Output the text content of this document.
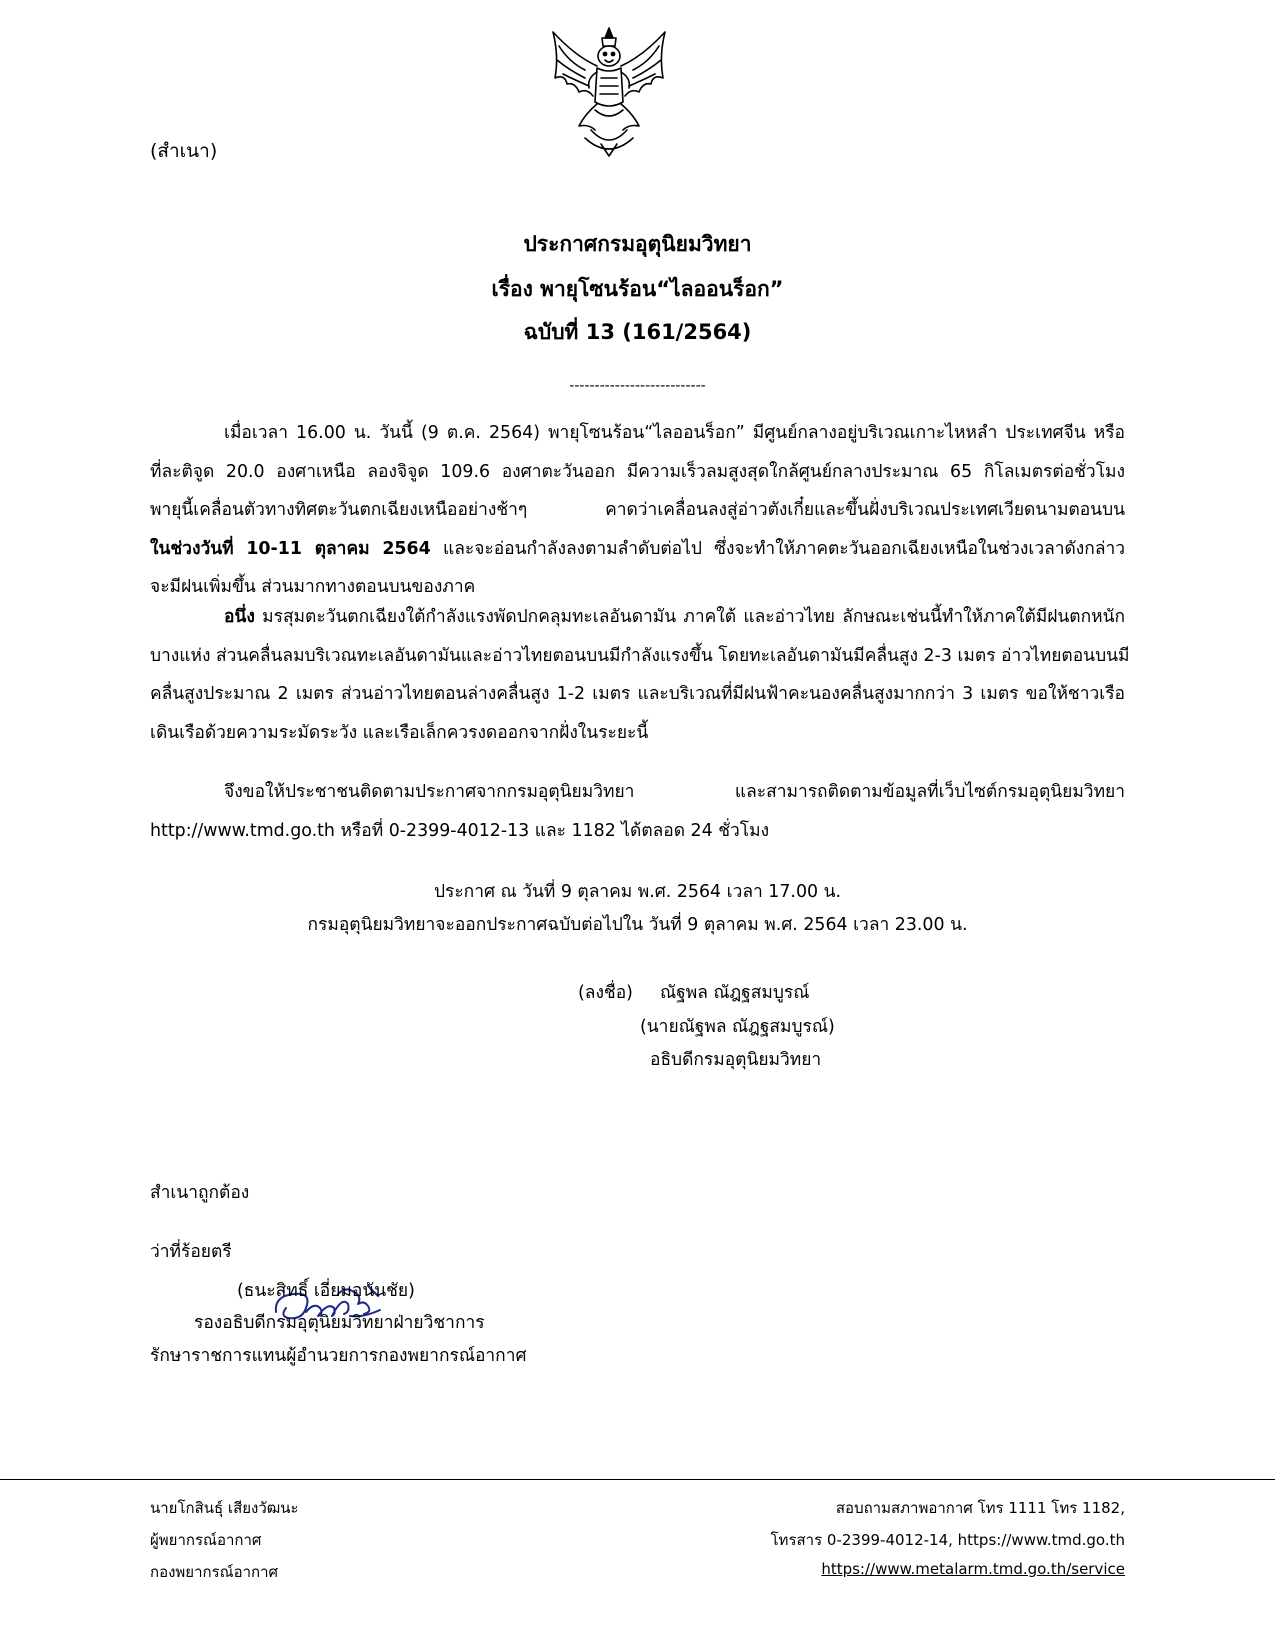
(สำเนา)
ประกาศกรมอุตุนิยมวิทยา
เรื่อง พายุโซนร้อน“ไลออนร็อก”
ฉบับที่ 13 (161/2564)
---------------------------
เมื่อเวลา 16.00 น. วันนี้ (9 ต.ค. 2564) พายุโซนร้อน“ไลออนร็อก” มีศูนย์กลางอยู่บริเวณเกาะไหหลำ ประเทศจีน หรือ
ที่ละติจูด 20.0 องศาเหนือ ลองจิจูด 109.6 องศาตะวันออก มีความเร็วลมสูงสุดใกล้ศูนย์กลางประมาณ 65 กิโลเมตรต่อชั่วโมง
พายุนี้เคลื่อนตัวทางทิศตะวันตกเฉียงเหนืออย่างช้าๆ คาดว่าเคลื่อนลงสู่อ่าวตังเกี๋ยและขึ้นฝั่งบริเวณประเทศเวียดนามตอนบน
ในช่วงวันที่ 10-11 ตุลาคม 2564 และจะอ่อนกำลังลงตามลำดับต่อไป ซึ่งจะทำให้ภาคตะวันออกเฉียงเหนือในช่วงเวลาดังกล่าว
จะมีฝนเพิ่มขึ้น ส่วนมากทางตอนบนของภาค
อนึ่ง มรสุมตะวันตกเฉียงใต้กำลังแรงพัดปกคลุมทะเลอันดามัน ภาคใต้ และอ่าวไทย ลักษณะเช่นนี้ทำให้ภาคใต้มีฝนตกหนัก
บางแห่ง ส่วนคลื่นลมบริเวณทะเลอันดามันและอ่าวไทยตอนบนมีกำลังแรงขึ้น โดยทะเลอันดามันมีคลื่นสูง 2-3 เมตร อ่าวไทยตอนบนมี
คลื่นสูงประมาณ 2 เมตร ส่วนอ่าวไทยตอนล่างคลื่นสูง 1-2 เมตร และบริเวณที่มีฝนฟ้าคะนองคลื่นสูงมากกว่า 3 เมตร ขอให้ชาวเรือ
เดินเรือด้วยความระมัดระวัง และเรือเล็กควรงดออกจากฝั่งในระยะนี้
จึงขอให้ประชาชนติดตามประกาศจากกรมอุตุนิยมวิทยา และสามารถติดตามข้อมูลที่เว็บไซต์กรมอุตุนิยมวิทยา
http://www.tmd.go.th หรือที่ 0-2399-4012-13 และ 1182 ได้ตลอด 24 ชั่วโมง
ประกาศ ณ วันที่ 9 ตุลาคม พ.ศ. 2564 เวลา 17.00 น.
กรมอุตุนิยมวิทยาจะออกประกาศฉบับต่อไปใน วันที่ 9 ตุลาคม พ.ศ. 2564 เวลา 23.00 น.
(ลงชื่อ) ณัฐพล ณัฎฐสมบูรณ์
(นายณัฐพล ณัฎฐสมบูรณ์)
อธิบดีกรมอุตุนิยมวิทยา
สำเนาถูกต้อง
ว่าที่ร้อยตรี
(ธนะสิทธิ์ เอี่ยมอนันชัย)
รองอธิบดีกรมอุตุนิยมวิทยาฝ่ายวิชาการ
รักษาราชการแทนผู้อำนวยการกองพยากรณ์อากาศ
นายโกสินธุ์ เสียงวัฒนะ
ผู้พยากรณ์อากาศ
กองพยากรณ์อากาศ
สอบถามสภาพอากาศ โทร 1111 โทร 1182,
โทรสาร 0-2399-4012-14, https://www.tmd.go.th
https://www.metalarm.tmd.go.th/service
